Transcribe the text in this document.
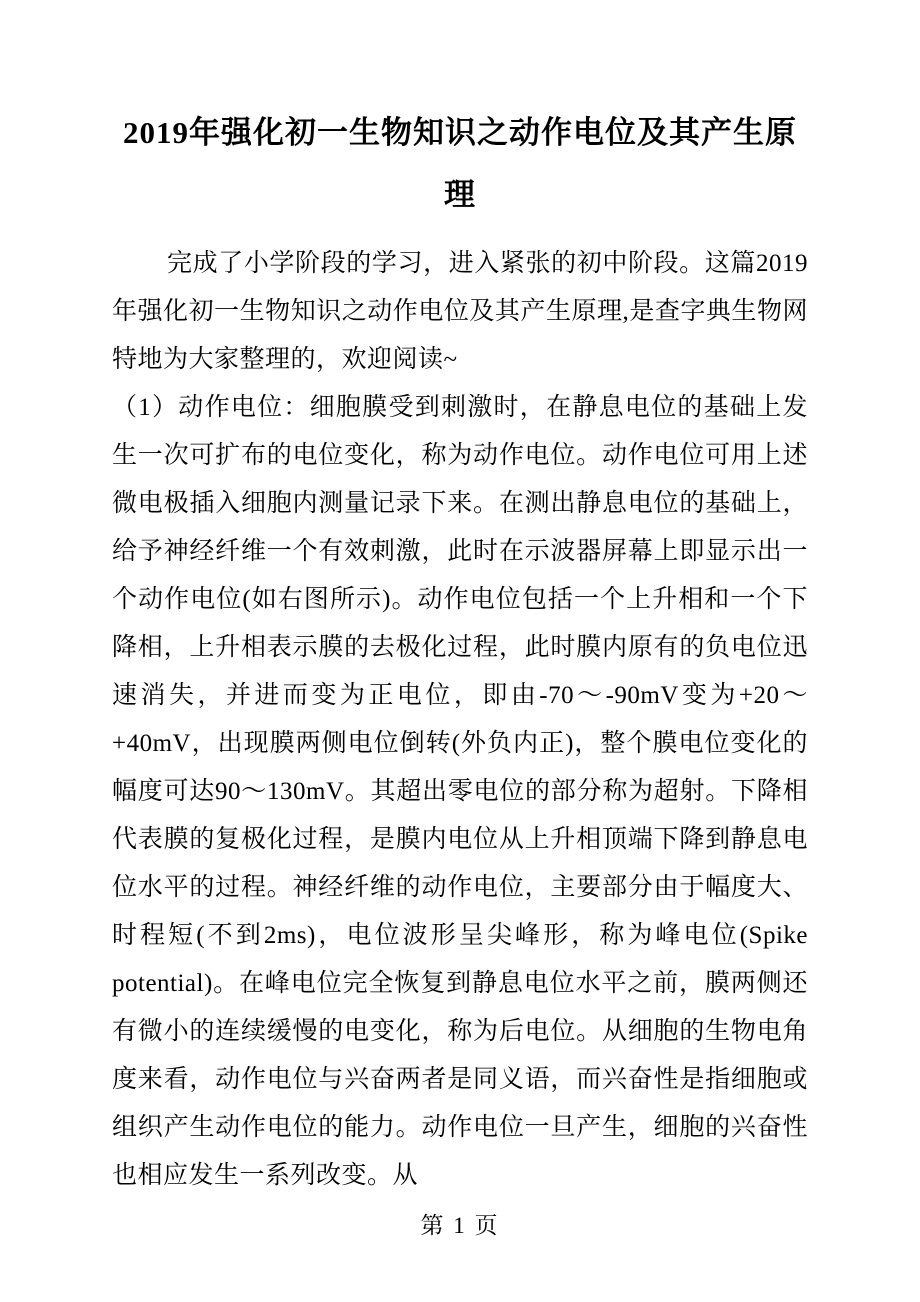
2019年强化初一生物知识之动作电位及其产生原理

完成了小学阶段的学习，进入紧张的初中阶段。这篇2019年强化初一生物知识之动作电位及其产生原理,是查字典生物网特地为大家整理的，欢迎阅读~

（1）动作电位：细胞膜受到刺激时，在静息电位的基础上发生一次可扩布的电位变化，称为动作电位。动作电位可用上述微电极插入细胞内测量记录下来。在测出静息电位的基础上，给予神经纤维一个有效刺激，此时在示波器屏幕上即显示出一个动作电位(如右图所示)。动作电位包括一个上升相和一个下降相，上升相表示膜的去极化过程，此时膜内原有的负电位迅速消失，并进而变为正电位，即由-70～-90mV变为+20～+40mV，出现膜两侧电位倒转(外负内正)，整个膜电位变化的幅度可达90～130mV。其超出零电位的部分称为超射。下降相代表膜的复极化过程，是膜内电位从上升相顶端下降到静息电位水平的过程。神经纤维的动作电位，主要部分由于幅度大、时程短(不到2ms)，电位波形呈尖峰形，称为峰电位(Spike potential)。在峰电位完全恢复到静息电位水平之前，膜两侧还有微小的连续缓慢的电变化，称为后电位。从细胞的生物电角度来看，动作电位与兴奋两者是同义语，而兴奋性是指细胞或组织产生动作电位的能力。动作电位一旦产生，细胞的兴奋性也相应发生一系列改变。从

第 1 页
